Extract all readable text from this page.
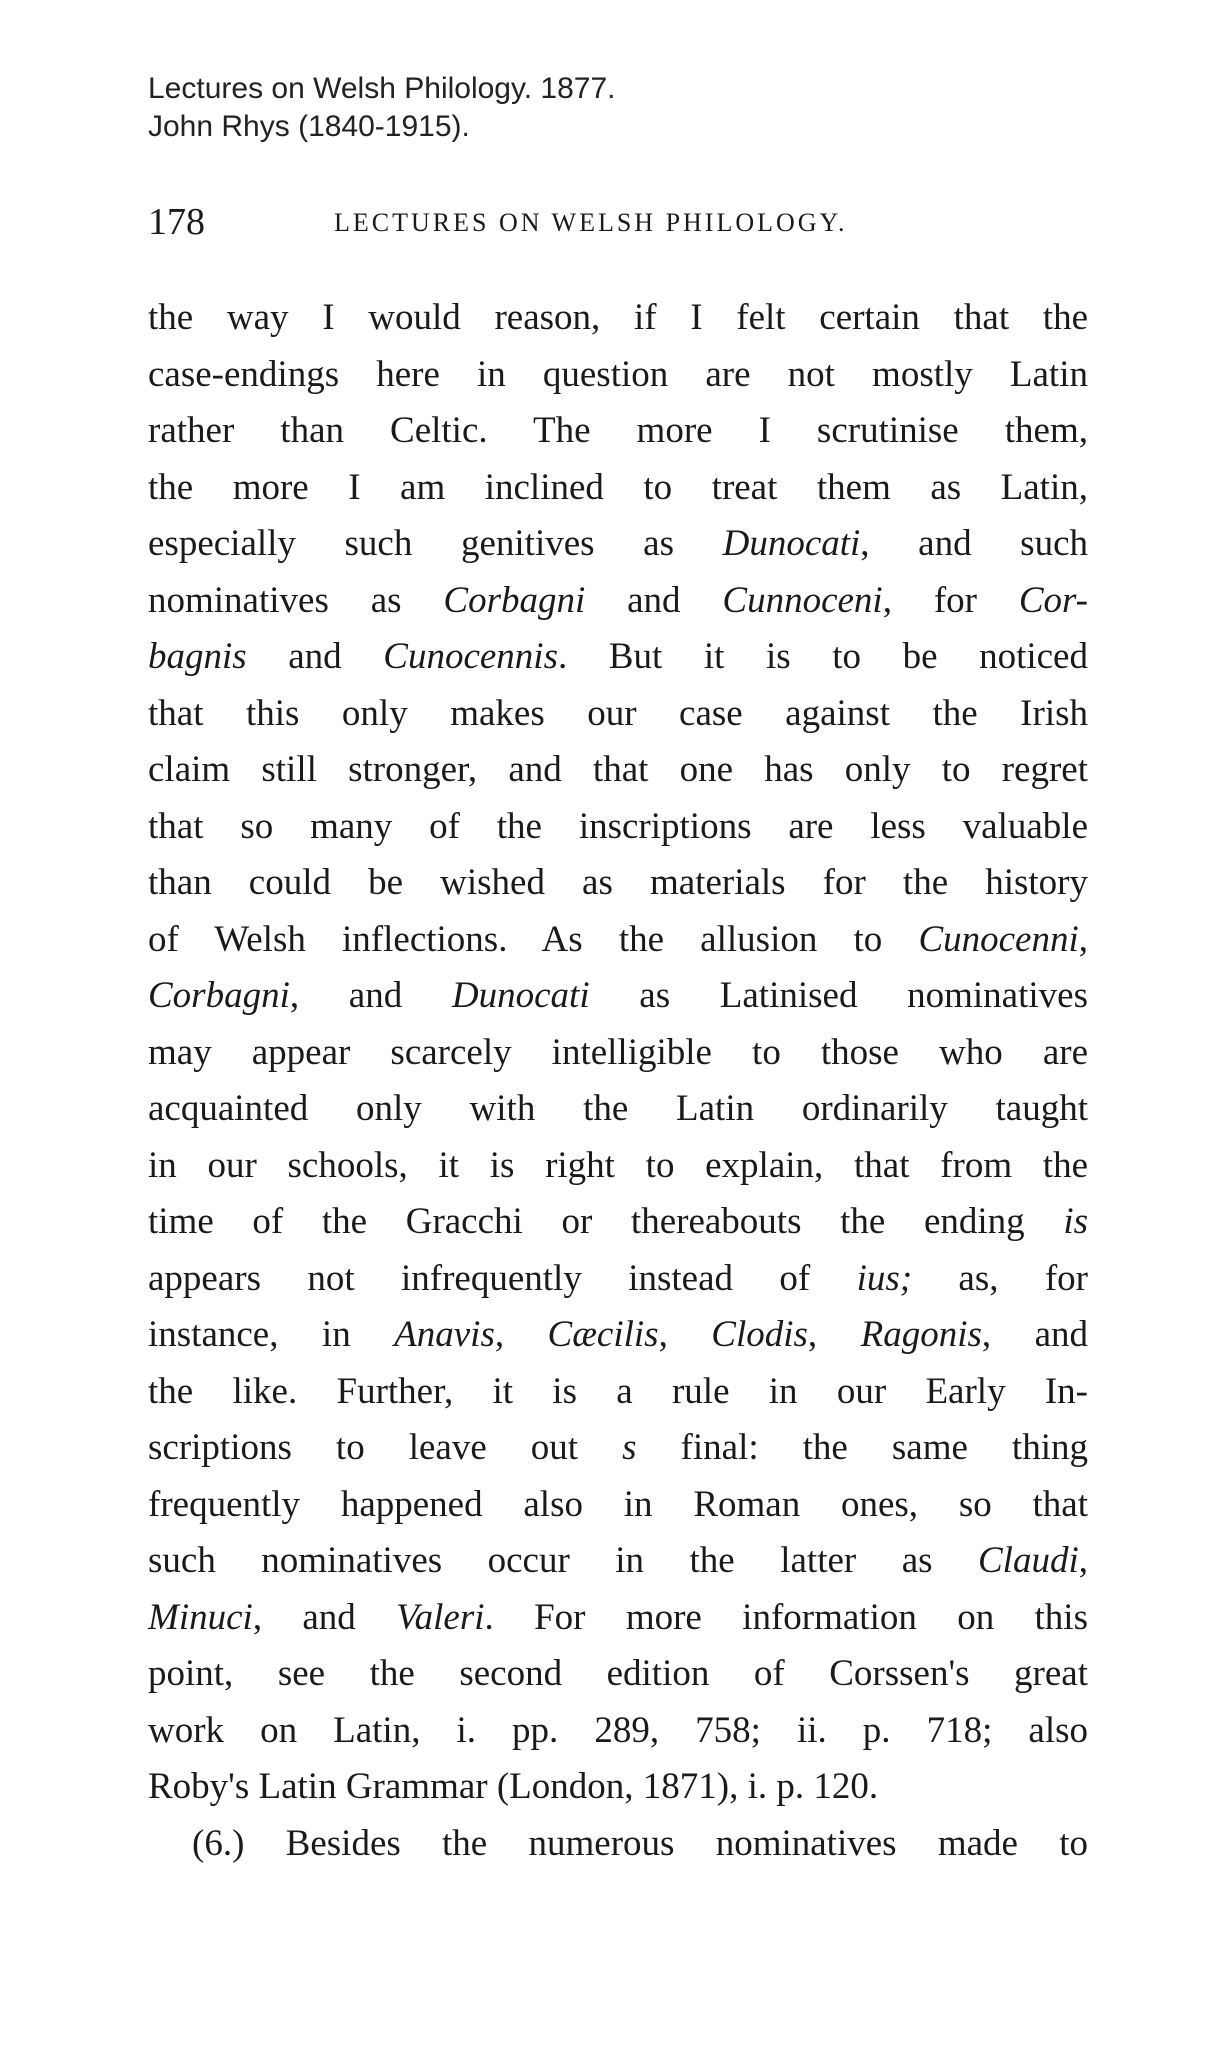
Lectures on Welsh Philology. 1877.
John Rhys (1840-1915).
178	LECTURES ON WELSH PHILOLOGY.
the way I would reason, if I felt certain that the
case-endings here in question are not mostly Latin
rather than Celtic. The more I scrutinise them,
the more I am inclined to treat them as Latin,
especially such genitives as Dunocati, and such
nominatives as Corbagni and Cunnoceni, for Cor-
bagnis and Cunocennis. But it is to be noticed
that this only makes our case against the Irish
claim still stronger, and that one has only to regret
that so many of the inscriptions are less valuable
than could be wished as materials for the history
of Welsh inflections. As the allusion to Cunocenni,
Corbagni, and Dunocati as Latinised nominatives
may appear scarcely intelligible to those who are
acquainted only with the Latin ordinarily taught
in our schools, it is right to explain, that from the
time of the Gracchi or thereabouts the ending is
appears not infrequently instead of ius; as, for
instance, in Anavis, Cæcilis, Clodis, Ragonis, and
the like. Further, it is a rule in our Early In-
scriptions to leave out s final: the same thing
frequently happened also in Roman ones, so that
such nominatives occur in the latter as Claudi,
Minuci, and Valeri. For more information on this
point, see the second edition of Corssen's great
work on Latin, i. pp. 289, 758; ii. p. 718; also
Roby's Latin Grammar (London, 1871), i. p. 120.
(6.) Besides the numerous nominatives made to
